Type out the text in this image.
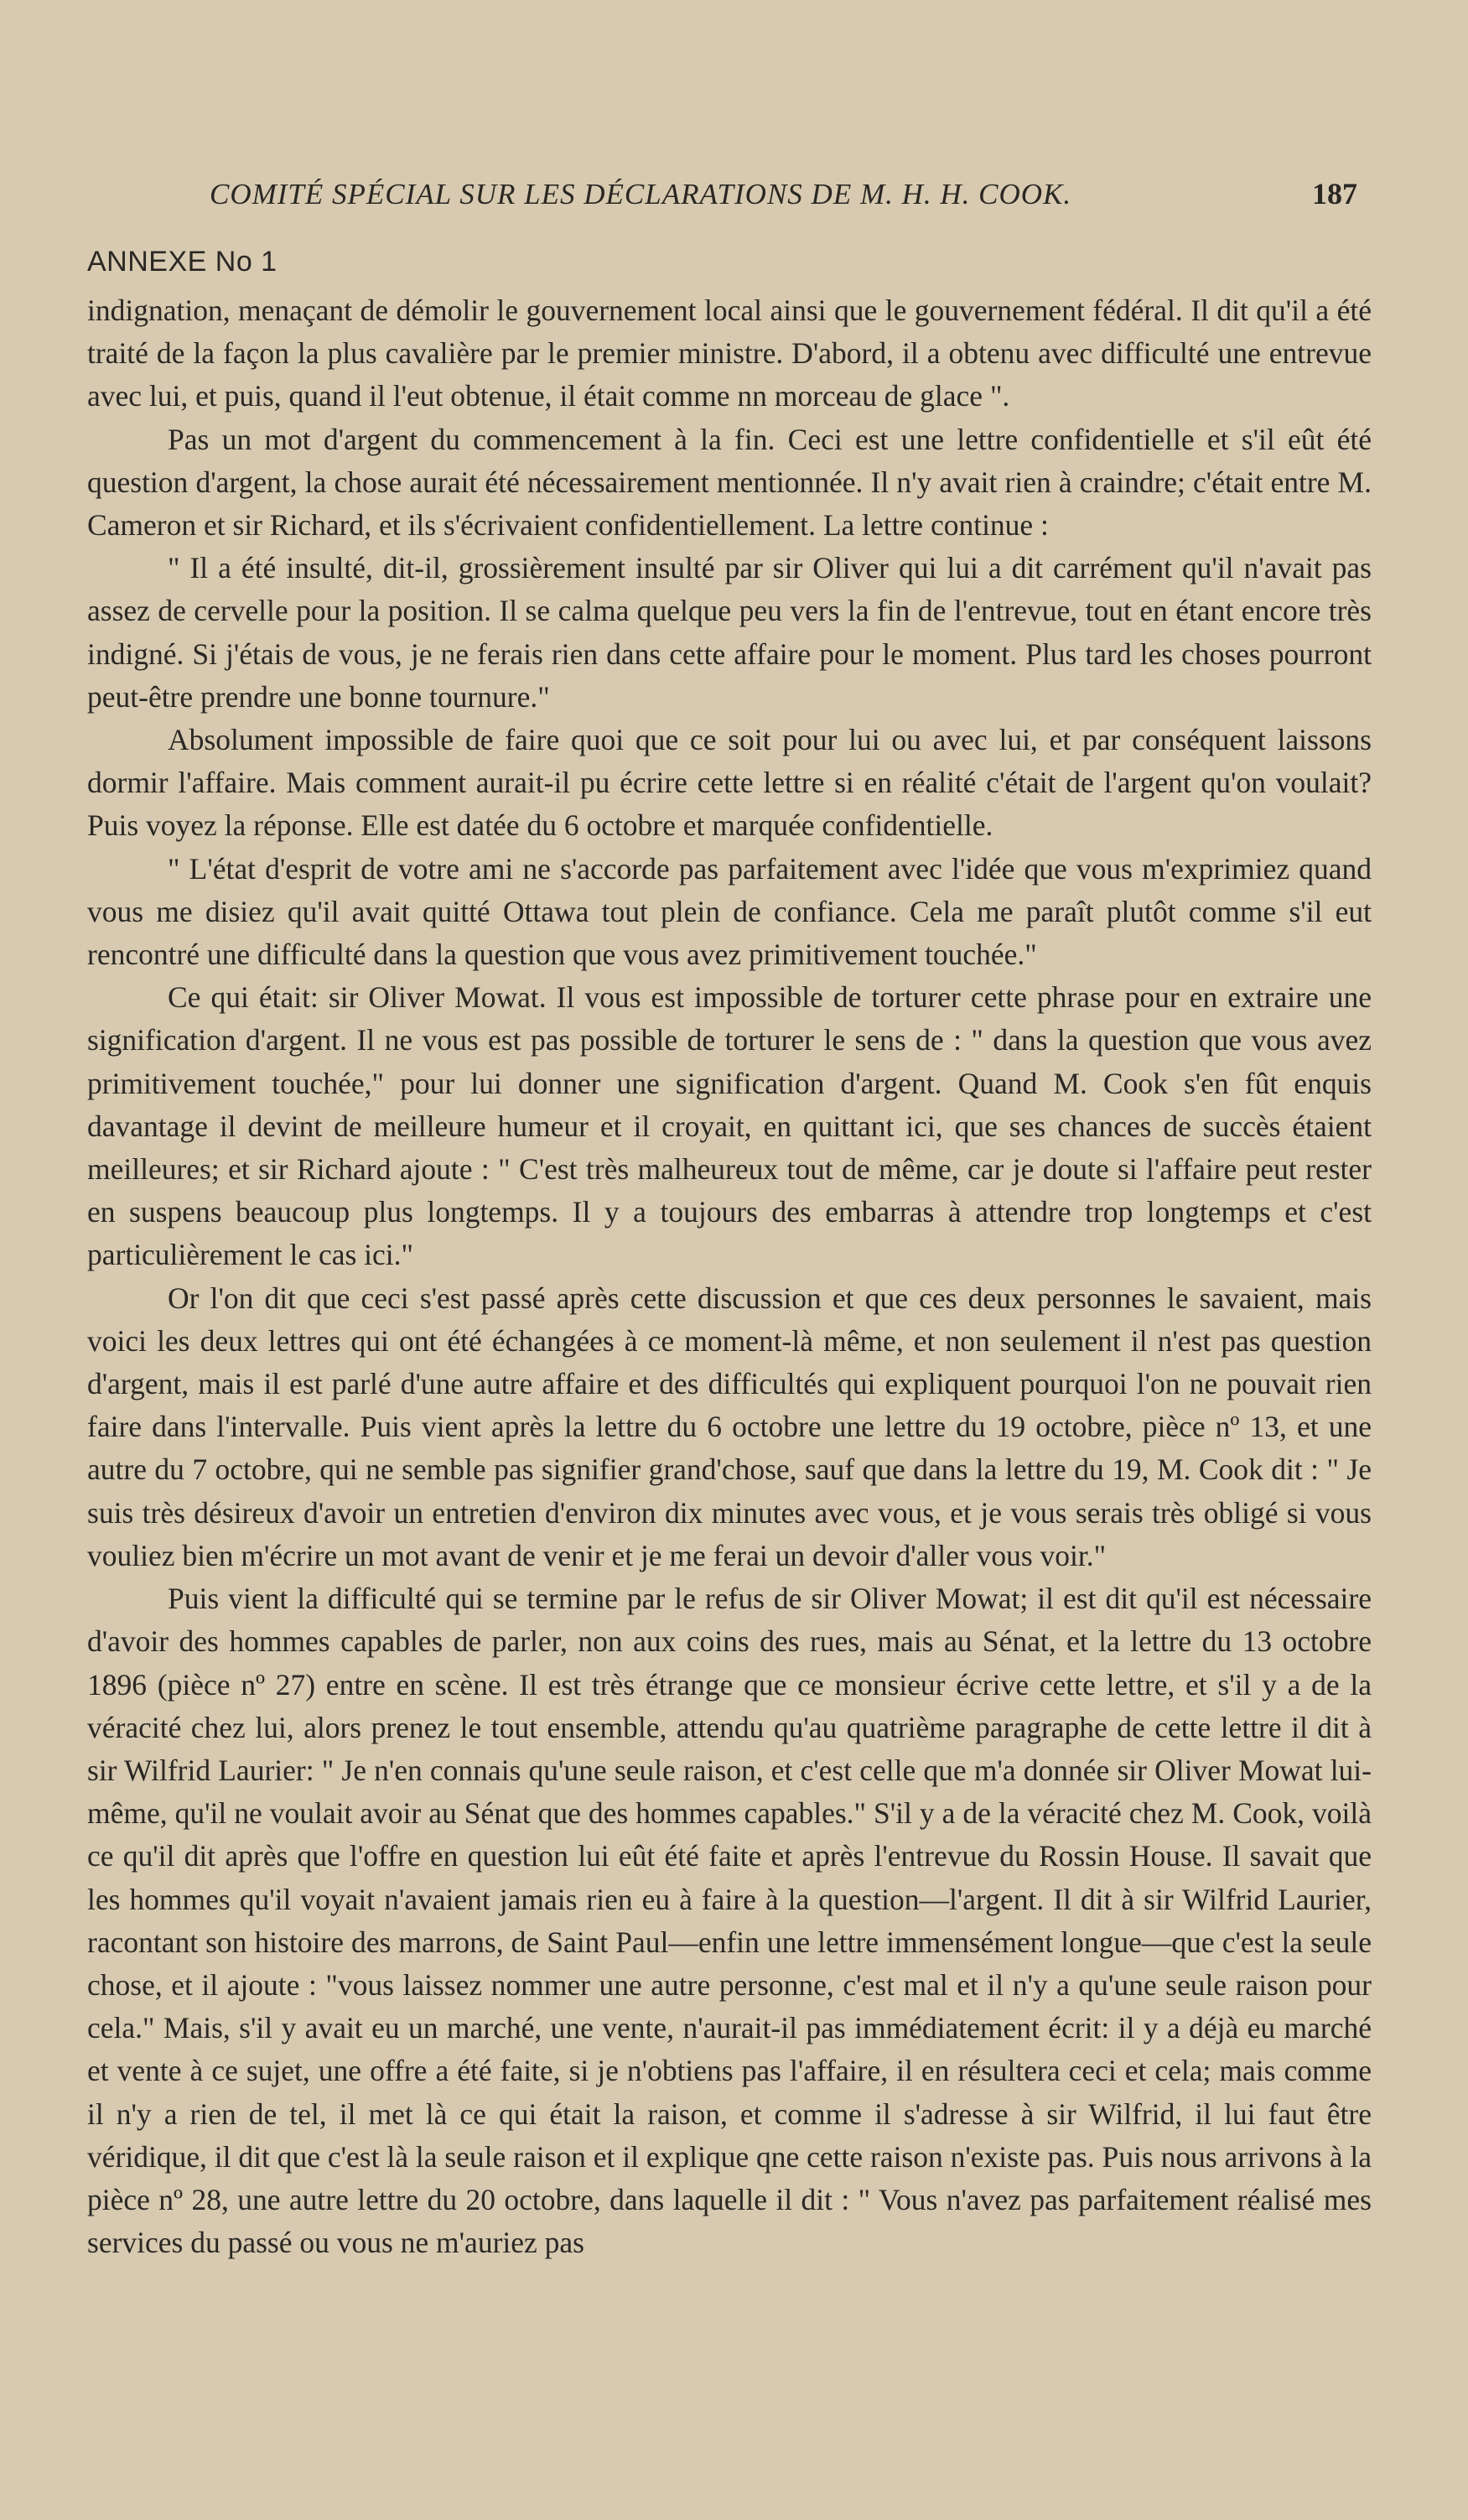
COMITÉ SPÉCIAL SUR LES DÉCLARATIONS DE M. H. H. COOK.	187
ANNEXE No 1

indignation, menaçant de démolir le gouvernement local ainsi que le gouvernement fédéral. Il dit qu'il a été traité de la façon la plus cavalière par le premier ministre. D'abord, il a obtenu avec difficulté une entrevue avec lui, et puis, quand il l'eut obtenue, il était comme nn morceau de glace ".

Pas un mot d'argent du commencement à la fin. Ceci est une lettre confidentielle et s'il eût été question d'argent, la chose aurait été nécessairement mentionnée. Il n'y avait rien à craindre; c'était entre M. Cameron et sir Richard, et ils s'écrivaient confidentiellement. La lettre continue :

" Il a été insulté, dit-il, grossièrement insulté par sir Oliver qui lui a dit carrément qu'il n'avait pas assez de cervelle pour la position. Il se calma quelque peu vers la fin de l'entrevue, tout en étant encore très indigné. Si j'étais de vous, je ne ferais rien dans cette affaire pour le moment. Plus tard les choses pourront peut-être prendre une bonne tournure."

Absolument impossible de faire quoi que ce soit pour lui ou avec lui, et par conséquent laissons dormir l'affaire. Mais comment aurait-il pu écrire cette lettre si en réalité c'était de l'argent qu'on voulait? Puis voyez la réponse. Elle est datée du 6 octobre et marquée confidentielle.

" L'état d'esprit de votre ami ne s'accorde pas parfaitement avec l'idée que vous m'exprimiez quand vous me disiez qu'il avait quitté Ottawa tout plein de confiance. Cela me paraît plutôt comme s'il eut rencontré une difficulté dans la question que vous avez primitivement touchée."

Ce qui était: sir Oliver Mowat. Il vous est impossible de torturer cette phrase pour en extraire une signification d'argent. Il ne vous est pas possible de torturer le sens de : " dans la question que vous avez primitivement touchée," pour lui donner une signification d'argent. Quand M. Cook s'en fût enquis davantage il devint de meilleure humeur et il croyait, en quittant ici, que ses chances de succès étaient meilleures; et sir Richard ajoute : " C'est très malheureux tout de même, car je doute si l'affaire peut rester en suspens beaucoup plus longtemps. Il y a toujours des embarras à attendre trop longtemps et c'est particulièrement le cas ici."

Or l'on dit que ceci s'est passé après cette discussion et que ces deux personnes le savaient, mais voici les deux lettres qui ont été échangées à ce moment-là même, et non seulement il n'est pas question d'argent, mais il est parlé d'une autre affaire et des difficultés qui expliquent pourquoi l'on ne pouvait rien faire dans l'intervalle. Puis vient après la lettre du 6 octobre une lettre du 19 octobre, pièce nº 13, et une autre du 7 octobre, qui ne semble pas signifier grand'chose, sauf que dans la lettre du 19, M. Cook dit : " Je suis très désireux d'avoir un entretien d'environ dix minutes avec vous, et je vous serais très obligé si vous vouliez bien m'écrire un mot avant de venir et je me ferai un devoir d'aller vous voir."

Puis vient la difficulté qui se termine par le refus de sir Oliver Mowat; il est dit qu'il est nécessaire d'avoir des hommes capables de parler, non aux coins des rues, mais au Sénat, et la lettre du 13 octobre 1896 (pièce nº 27) entre en scène. Il est très étrange que ce monsieur écrive cette lettre, et s'il y a de la véracité chez lui, alors prenez le tout ensemble, attendu qu'au quatrième paragraphe de cette lettre il dit à sir Wilfrid Laurier: " Je n'en connais qu'une seule raison, et c'est celle que m'a donnée sir Oliver Mowat lui-même, qu'il ne voulait avoir au Sénat que des hommes capables." S'il y a de la véracité chez M. Cook, voilà ce qu'il dit après que l'offre en question lui eût été faite et après l'entrevue du Rossin House. Il savait que les hommes qu'il voyait n'avaient jamais rien eu à faire à la question—l'argent. Il dit à sir Wilfrid Laurier, racontant son histoire des marrons, de Saint Paul—enfin une lettre immensément longue—que c'est la seule chose, et il ajoute : "vous laissez nommer une autre personne, c'est mal et il n'y a qu'une seule raison pour cela." Mais, s'il y avait eu un marché, une vente, n'aurait-il pas immédiatement écrit: il y a déjà eu marché et vente à ce sujet, une offre a été faite, si je n'obtiens pas l'affaire, il en résultera ceci et cela; mais comme il n'y a rien de tel, il met là ce qui était la raison, et comme il s'adresse à sir Wilfrid, il lui faut être véridique, il dit que c'est là la seule raison et il explique qne cette raison n'existe pas. Puis nous arrivons à la pièce nº 28, une autre lettre du 20 octobre, dans laquelle il dit : " Vous n'avez pas parfaitement réalisé mes services du passé ou vous ne m'auriez pas
